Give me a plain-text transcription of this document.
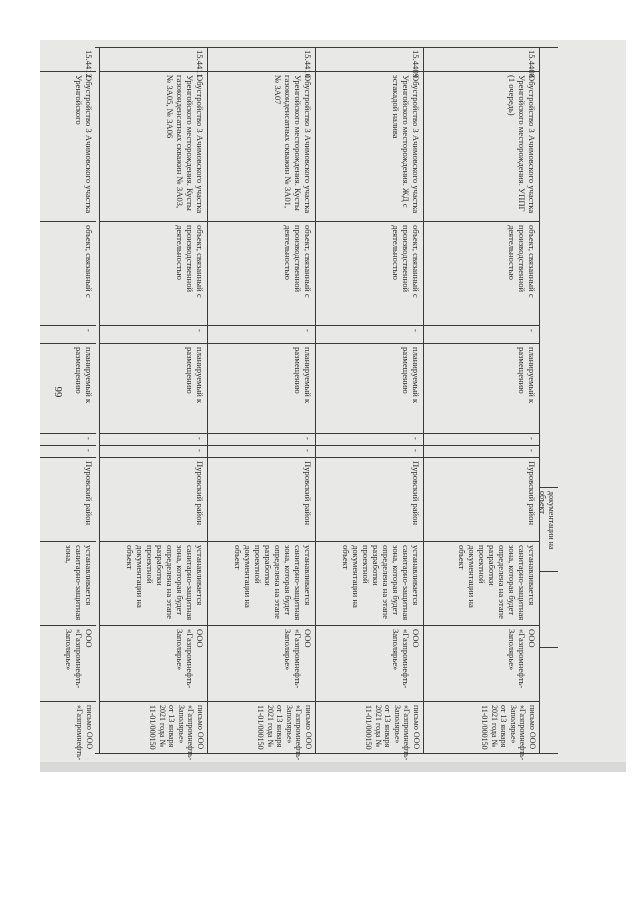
66
документации на объект
15.4408
Обустройство 3 Ачимовского участка Уренгойского месторождения. УППГ (1 очередь)
объект, связанный с производственной деятельностью
-
планируемый к размещению
-
-
Пуровский район
устанавливается санитарно-защитная зона, которая будет определена на этапе разработки проектной документации на объект
ООО «Газпромнефть-Заполярье»
письмо ООО «Газпромнефть-Заполярье» от 13 января 2021 года № 11-01/000150
15.4409
Обустройство 3 Ачимовского участка Уренгойского месторождения. ЖД с эстакадой налива
объект, связанный с производственной деятельностью
-
планируемый к размещению
-
-
Пуровский район
устанавливается санитарно-защитная зона, которая будет определена на этапе разработки проектной документации на объект
ООО «Газпромнефть-Заполярье»
письмо ООО «Газпромнефть-Заполярье» от 13 января 2021 года № 11-01/000150
15.4410
Обустройство 3 Ачимовского участка Уренгойского месторождения. Кусты газоконденсатных скважин № 3А01, № 3А07
объект, связанный с производственной деятельностью
-
планируемый к размещению
-
-
Пуровский район
устанавливается санитарно-защитная зона, которая будет определена на этапе разработки проектной документации на объект
ООО «Газпромнефть-Заполярье»
письмо ООО «Газпромнефть-Заполярье» от 13 января 2021 года № 11-01/000150
15.4411
Обустройство 3 Ачимовского участка Уренгойского месторождения. Кусты газоконденсатных скважин № 3А03, № 3А05, № 3А06
объект, связанный с производственной деятельностью
-
планируемый к размещению
-
-
Пуровский район
устанавливается санитарно-защитная зона, которая будет определена на этапе разработки проектной документации на объект
ООО «Газпромнефть-Заполярье»
письмо ООО «Газпромнефть-Заполярье» от 13 января 2021 года № 11-01/000150
15.4412
Обустройство 3 Ачимовского участка Уренгойского
объект, связанный с
-
планируемый к размещению
-
-
Пуровский район
устанавливается санитарно-защитная зона,
ООО «Газпромнефть-Заполярье»
письмо ООО «Газпромнефть-
